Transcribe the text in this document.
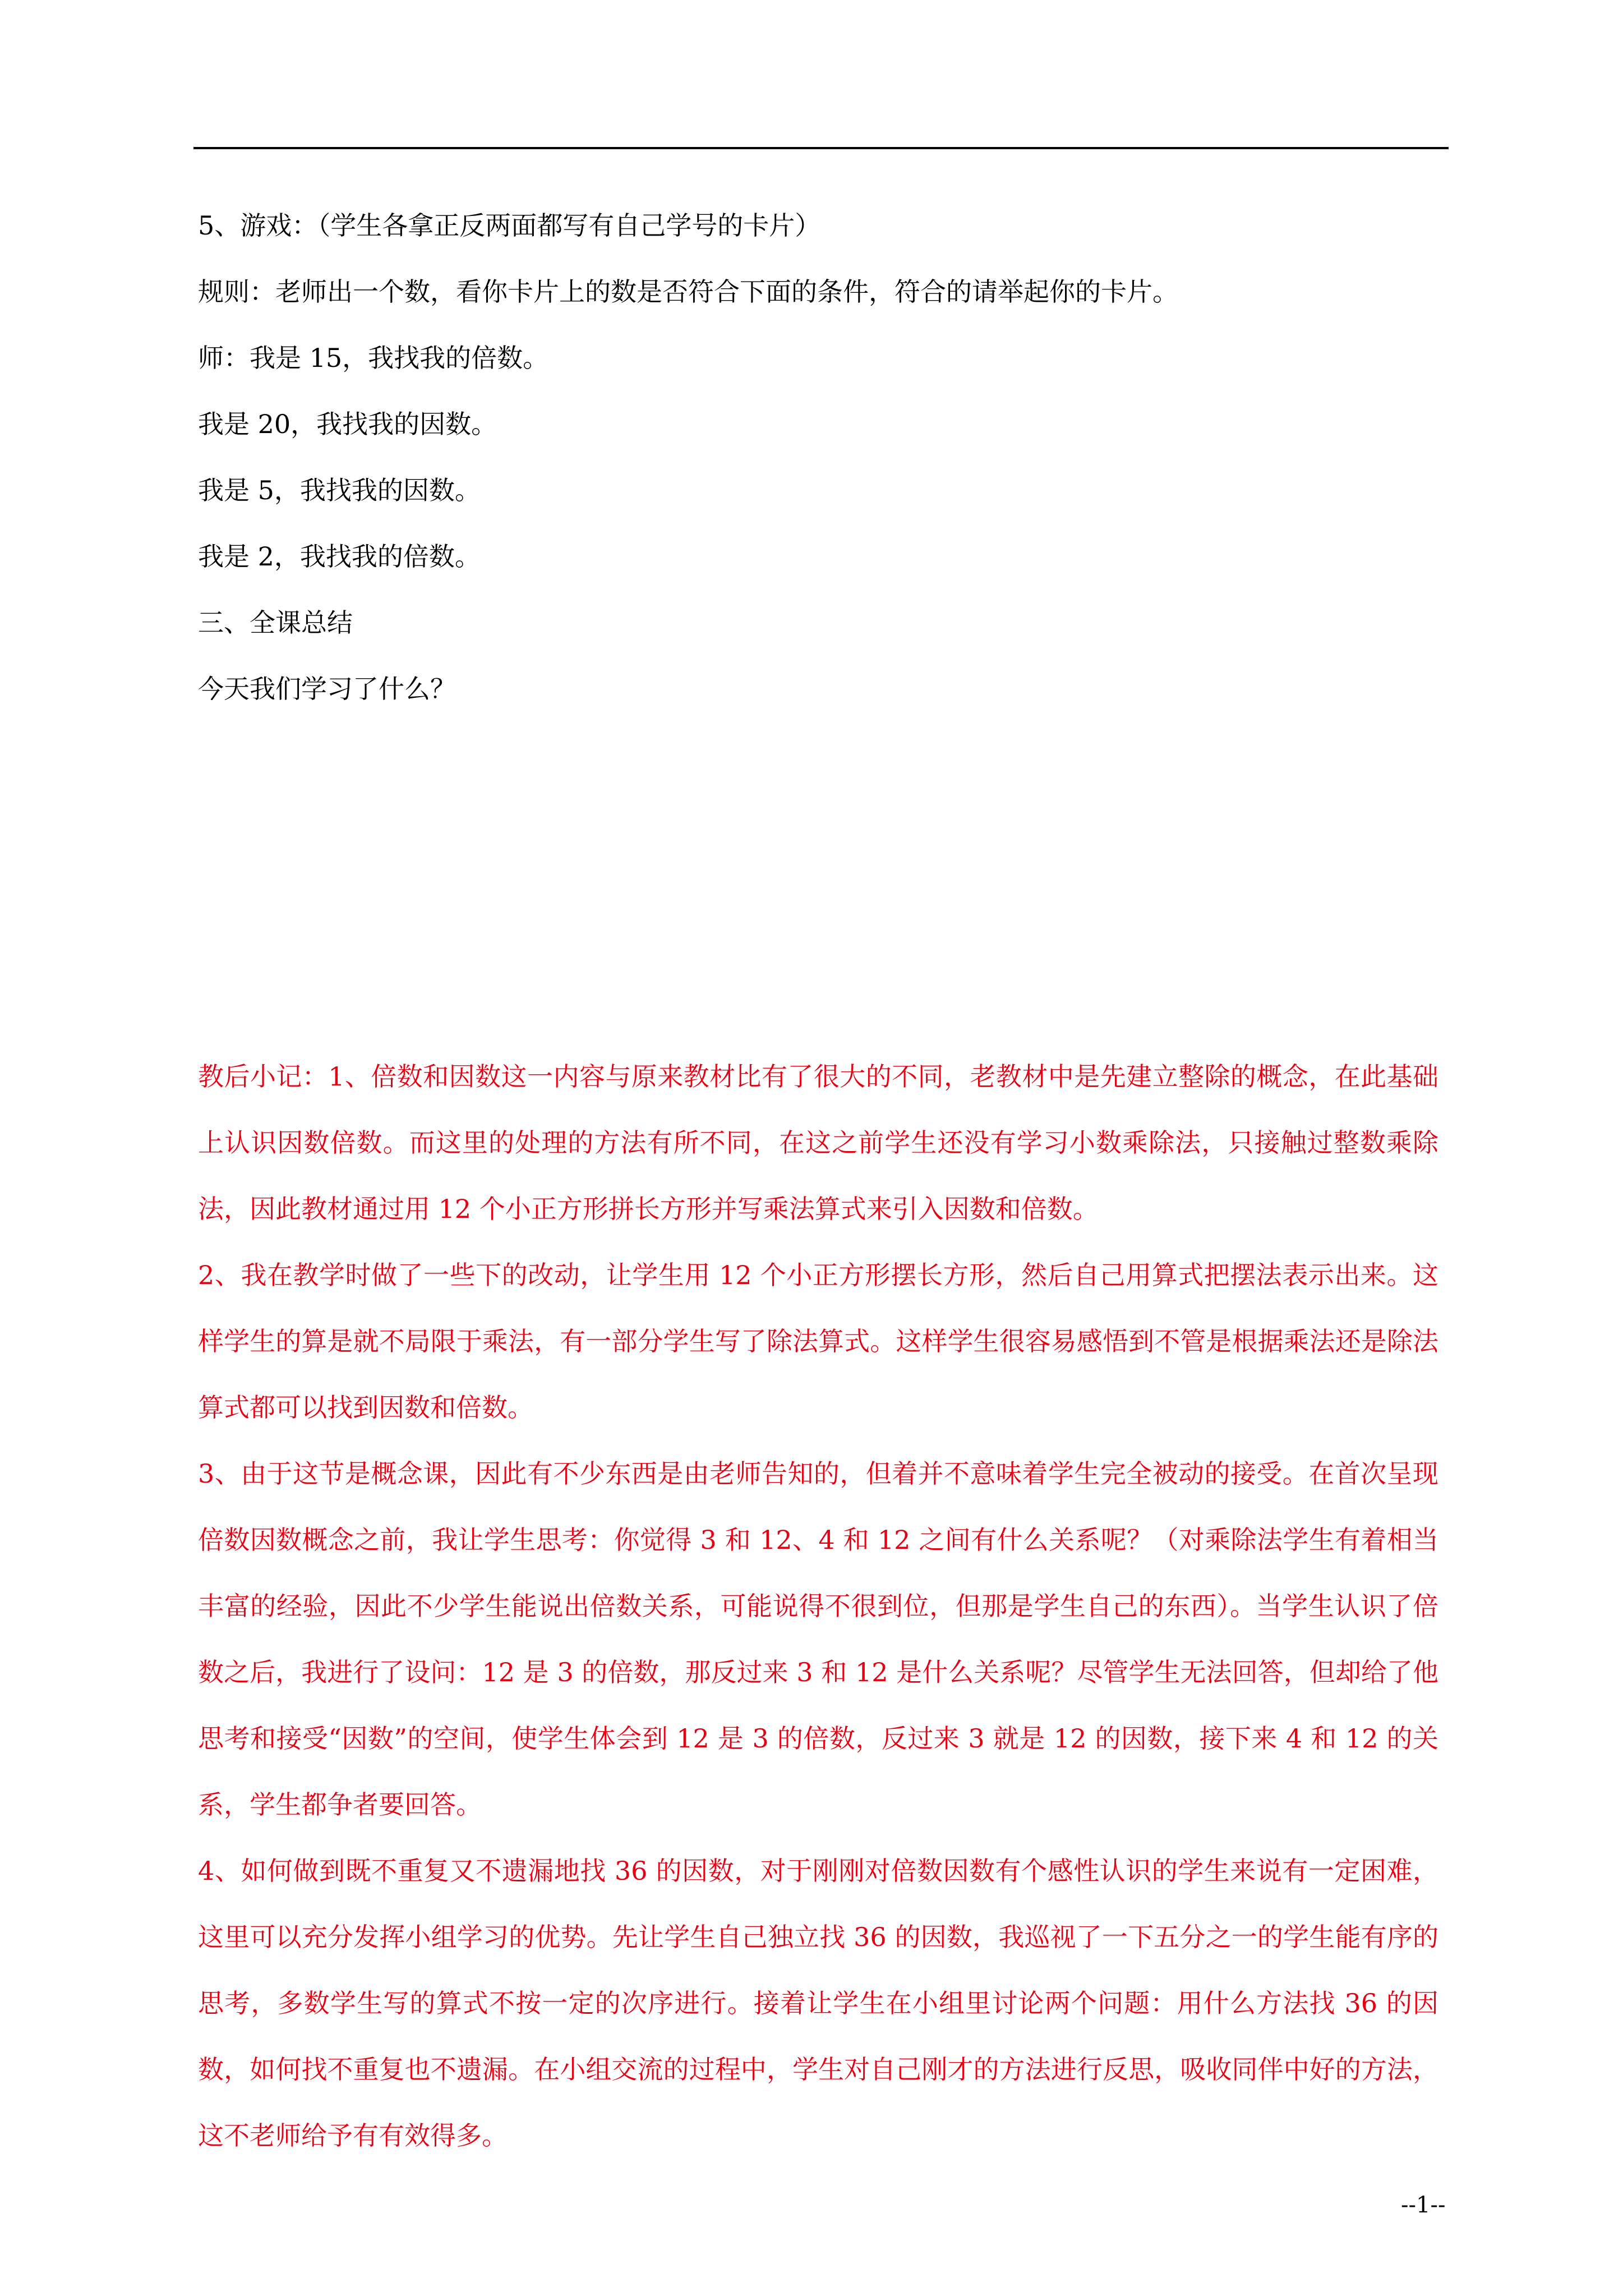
5、游戏：（学生各拿正反两面都写有自己学号的卡片）

规则：老师出一个数，看你卡片上的数是否符合下面的条件，符合的请举起你的卡片。

师：我是 15，我找我的倍数。

我是 20，我找我的因数。

我是 5，我找我的因数。

我是 2，我找我的倍数。

三、全课总结

今天我们学习了什么？

教后小记：1、倍数和因数这一内容与原来教材比有了很大的不同，老教材中是先建立整除的概念，在此基础上认识因数倍数。而这里的处理的方法有所不同，在这之前学生还没有学习小数乘除法，只接触过整数乘除法，因此教材通过用 12 个小正方形拼长方形并写乘法算式来引入因数和倍数。

2、我在教学时做了一些下的改动，让学生用 12 个小正方形摆长方形，然后自己用算式把摆法表示出来。这样学生的算是就不局限于乘法，有一部分学生写了除法算式。这样学生很容易感悟到不管是根据乘法还是除法算式都可以找到因数和倍数。

3、由于这节是概念课，因此有不少东西是由老师告知的，但着并不意味着学生完全被动的接受。在首次呈现倍数因数概念之前，我让学生思考：你觉得 3 和 12、4 和 12 之间有什么关系呢？（对乘除法学生有着相当丰富的经验，因此不少学生能说出倍数关系，可能说得不很到位，但那是学生自己的东西）。当学生认识了倍数之后，我进行了设问：12 是 3 的倍数，那反过来 3 和 12 是什么关系呢？尽管学生无法回答，但却给了他思考和接受“因数”的空间，使学生体会到 12 是 3 的倍数，反过来 3 就是 12 的因数，接下来 4 和 12 的关系，学生都争者要回答。

4、如何做到既不重复又不遗漏地找 36 的因数，对于刚刚对倍数因数有个感性认识的学生来说有一定困难，这里可以充分发挥小组学习的优势。先让学生自己独立找 36 的因数，我巡视了一下五分之一的学生能有序的思考，多数学生写的算式不按一定的次序进行。接着让学生在小组里讨论两个问题：用什么方法找 36 的因数，如何找不重复也不遗漏。在小组交流的过程中，学生对自己刚才的方法进行反思，吸收同伴中好的方法，这不老师给予有有效得多。

--1--
